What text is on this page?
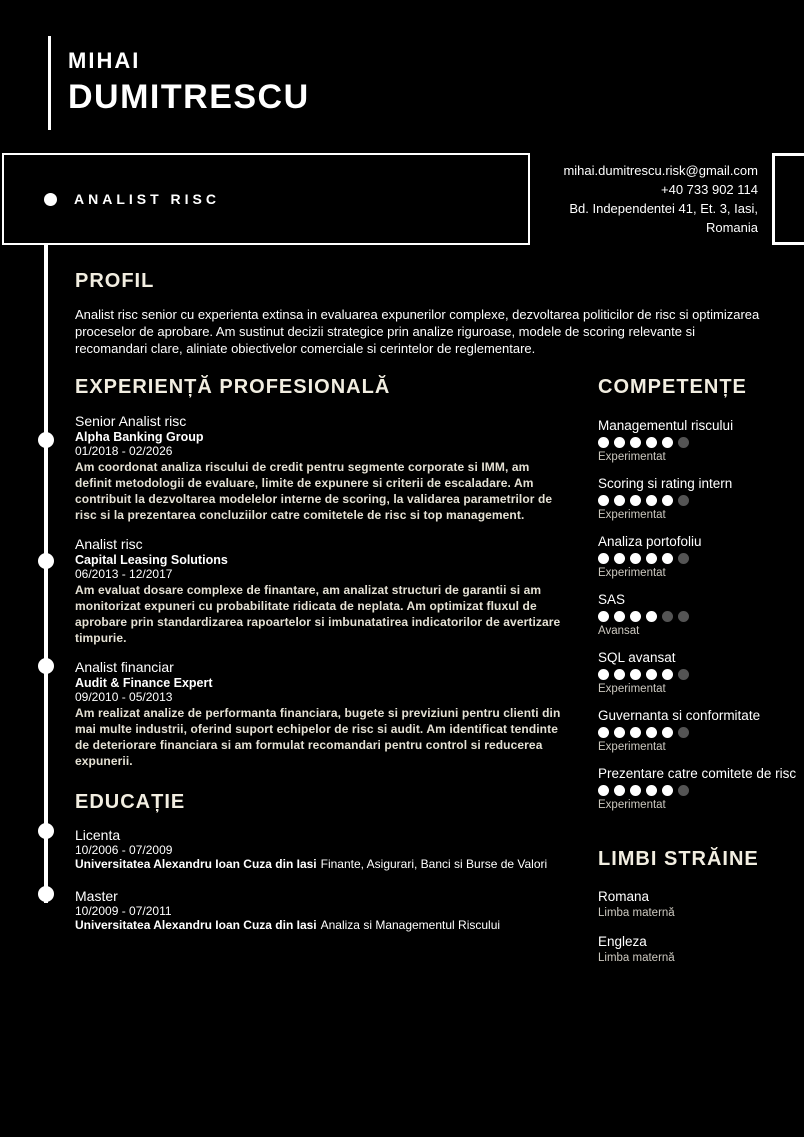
MIHAI
DUMITRESCU
ANALIST RISC
mihai.dumitrescu.risk@gmail.com
+40 733 902 114
Bd. Independentei 41, Et. 3, Iasi,
Romania
PROFIL
Analist risc senior cu experienta extinsa in evaluarea expunerilor complexe, dezvoltarea politicilor de risc si optimizarea proceselor de aprobare. Am sustinut decizii strategice prin analize riguroase, modele de scoring relevante si recomandari clare, aliniate obiectivelor comerciale si cerintelor de reglementare.
EXPERIENȚĂ PROFESIONALĂ
Senior Analist risc
Alpha Banking Group
01/2018 - 02/2026
Am coordonat analiza riscului de credit pentru segmente corporate si IMM, am definit metodologii de evaluare, limite de expunere si criterii de escaladare. Am contribuit la dezvoltarea modelelor interne de scoring, la validarea parametrilor de risc si la prezentarea concluziilor catre comitetele de risc si top management.
Analist risc
Capital Leasing Solutions
06/2013 - 12/2017
Am evaluat dosare complexe de finantare, am analizat structuri de garantii si am monitorizat expuneri cu probabilitate ridicata de neplata. Am optimizat fluxul de aprobare prin standardizarea rapoartelor si imbunatatirea indicatorilor de avertizare timpurie.
Analist financiar
Audit & Finance Expert
09/2010 - 05/2013
Am realizat analize de performanta financiara, bugete si previziuni pentru clienti din mai multe industrii, oferind suport echipelor de risc si audit. Am identificat tendinte de deteriorare financiara si am formulat recomandari pentru control si reducerea expunerii.
EDUCAȚIE
Licenta
10/2006 - 07/2009
Universitatea Alexandru Ioan Cuza din Iasi Finante, Asigurari, Banci si Burse de Valori
Master
10/2009 - 07/2011
Universitatea Alexandru Ioan Cuza din Iasi Analiza si Managementul Riscului
COMPETENȚE
Managementul riscului
Experimentat
Scoring si rating intern
Experimentat
Analiza portofoliu
Experimentat
SAS
Avansat
SQL avansat
Experimentat
Guvernanta si conformitate
Experimentat
Prezentare catre comitete de risc
Experimentat
LIMBI STRĂINE
Romana
Limba maternă
Engleza
Limba maternă
